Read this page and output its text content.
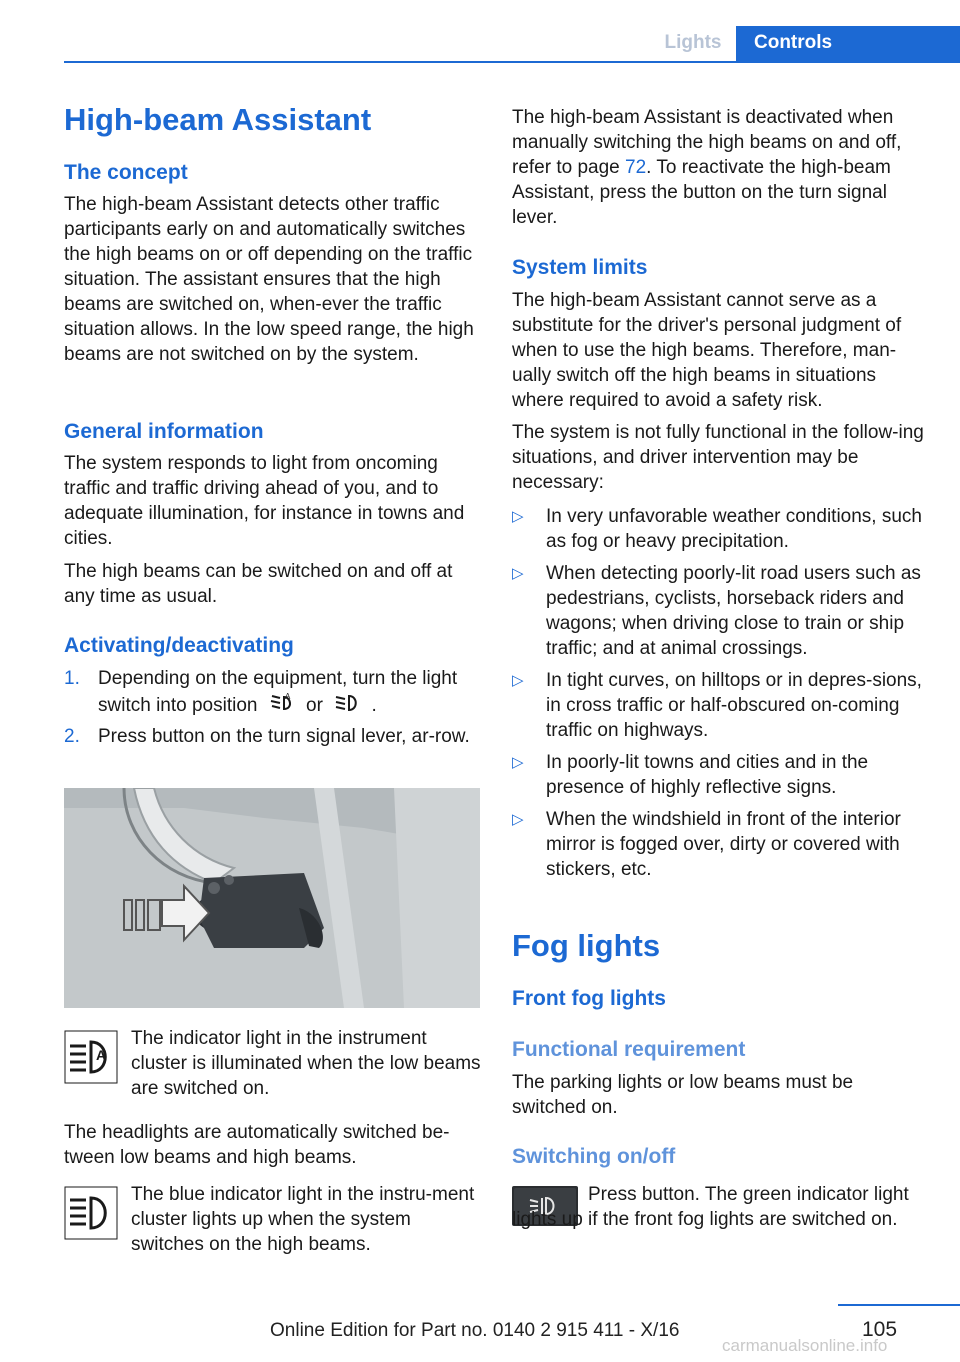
Lights	Controls
High-beam Assistant
The concept

The high-beam Assistant detects other traffic participants early on and automatically switches the high beams on or off depending on the traffic situation. The assistant ensures that the high beams are switched on, when-ever the traffic situation allows. In the low speed range, the high beams are not switched on by the system.

General information

The system responds to light from oncoming traffic and traffic driving ahead of you, and to adequate illumination, for instance in towns and cities.

The high beams can be switched on and off at any time as usual.

Activating/deactivating
1. Depending on the equipment, turn the light switch into position	A or	.
2. Press button on the turn signal lever, ar-row.
A

The indicator light in the instrument cluster is illuminated when the low beams are switched on.

The headlights are automatically switched be-tween low beams and high beams.

The blue indicator light in the instru-ment cluster lights up when the system switches on the high beams.

The high-beam Assistant is deactivated when manually switching the high beams on and off, refer to page 72. To reactivate the high-beam Assistant, press the button on the turn signal lever.

System limits

The high-beam Assistant cannot serve as a substitute for the driver's personal judgment of when to use the high beams. Therefore, man-ually switch off the high beams in situations where required to avoid a safety risk.

The system is not fully functional in the follow-ing situations, and driver intervention may be necessary:

▷ In very unfavorable weather conditions, such as fog or heavy precipitation.
▷ When detecting poorly-lit road users such as pedestrians, cyclists, horseback riders and wagons; when driving close to train or ship traffic; and at animal crossings.
▷ In tight curves, on hilltops or in depres-sions, in cross traffic or half-obscured on-coming traffic on highways.
▷ In poorly-lit towns and cities and in the presence of highly reflective signs.
▷ When the windshield in front of the interior mirror is fogged over, dirty or covered with stickers, etc.
Fog lights
Front fog lights
Functional requirement

The parking lights or low beams must be switched on.

Switching on/off

Press button. The green indicator light lights up if the front fog lights are switched on.

105
Online Edition for Part no. 0140 2 915 411 - X/16
carmanualsonline.info
